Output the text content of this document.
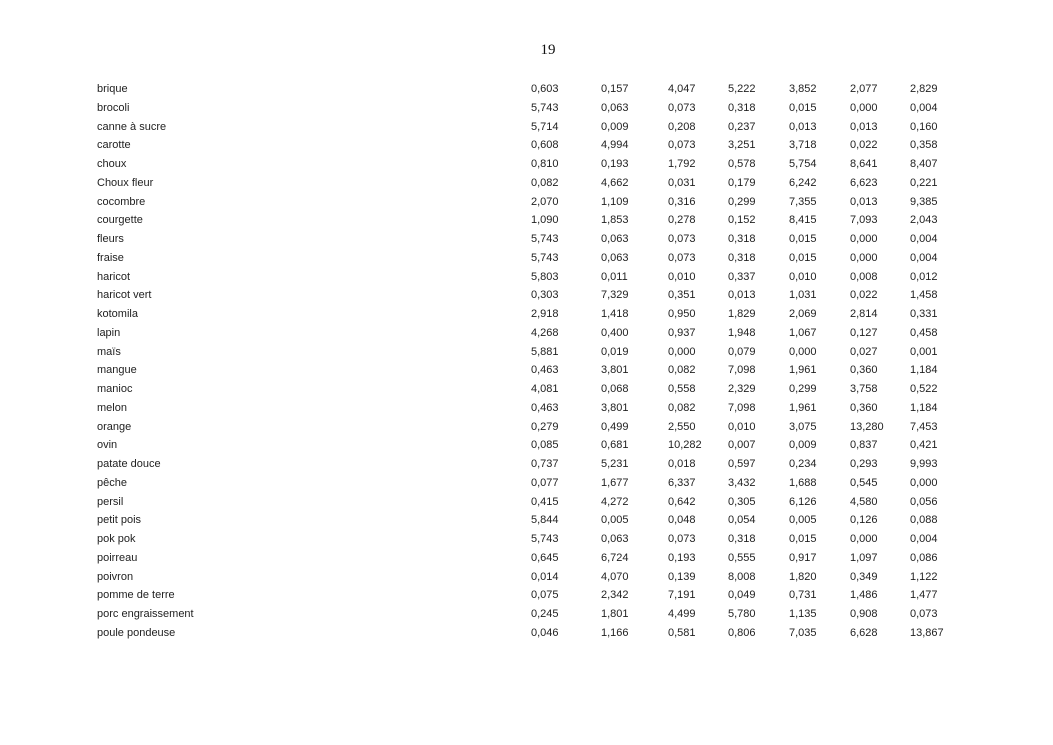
19
brique	0,603	0,157	4,047	5,222	3,852	2,077	2,829
brocoli	5,743	0,063	0,073	0,318	0,015	0,000	0,004
canne à sucre	5,714	0,009	0,208	0,237	0,013	0,013	0,160
carotte	0,608	4,994	0,073	3,251	3,718	0,022	0,358
choux	0,810	0,193	1,792	0,578	5,754	8,641	8,407
Choux fleur	0,082	4,662	0,031	0,179	6,242	6,623	0,221
cocombre	2,070	1,109	0,316	0,299	7,355	0,013	9,385
courgette	1,090	1,853	0,278	0,152	8,415	7,093	2,043
fleurs	5,743	0,063	0,073	0,318	0,015	0,000	0,004
fraise	5,743	0,063	0,073	0,318	0,015	0,000	0,004
haricot	5,803	0,011	0,010	0,337	0,010	0,008	0,012
haricot vert	0,303	7,329	0,351	0,013	1,031	0,022	1,458
kotomila	2,918	1,418	0,950	1,829	2,069	2,814	0,331
lapin	4,268	0,400	0,937	1,948	1,067	0,127	0,458
maïs	5,881	0,019	0,000	0,079	0,000	0,027	0,001
mangue	0,463	3,801	0,082	7,098	1,961	0,360	1,184
manioc	4,081	0,068	0,558	2,329	0,299	3,758	0,522
melon	0,463	3,801	0,082	7,098	1,961	0,360	1,184
orange	0,279	0,499	2,550	0,010	3,075	13,280	7,453
ovin	0,085	0,681	10,282	0,007	0,009	0,837	0,421
patate douce	0,737	5,231	0,018	0,597	0,234	0,293	9,993
pêche	0,077	1,677	6,337	3,432	1,688	0,545	0,000
persil	0,415	4,272	0,642	0,305	6,126	4,580	0,056
petit pois	5,844	0,005	0,048	0,054	0,005	0,126	0,088
pok pok	5,743	0,063	0,073	0,318	0,015	0,000	0,004
poirreau	0,645	6,724	0,193	0,555	0,917	1,097	0,086
poivron	0,014	4,070	0,139	8,008	1,820	0,349	1,122
pomme de terre	0,075	2,342	7,191	0,049	0,731	1,486	1,477
porc engraissement	0,245	1,801	4,499	5,780	1,135	0,908	0,073
poule pondeuse	0,046	1,166	0,581	0,806	7,035	6,628	13,867
